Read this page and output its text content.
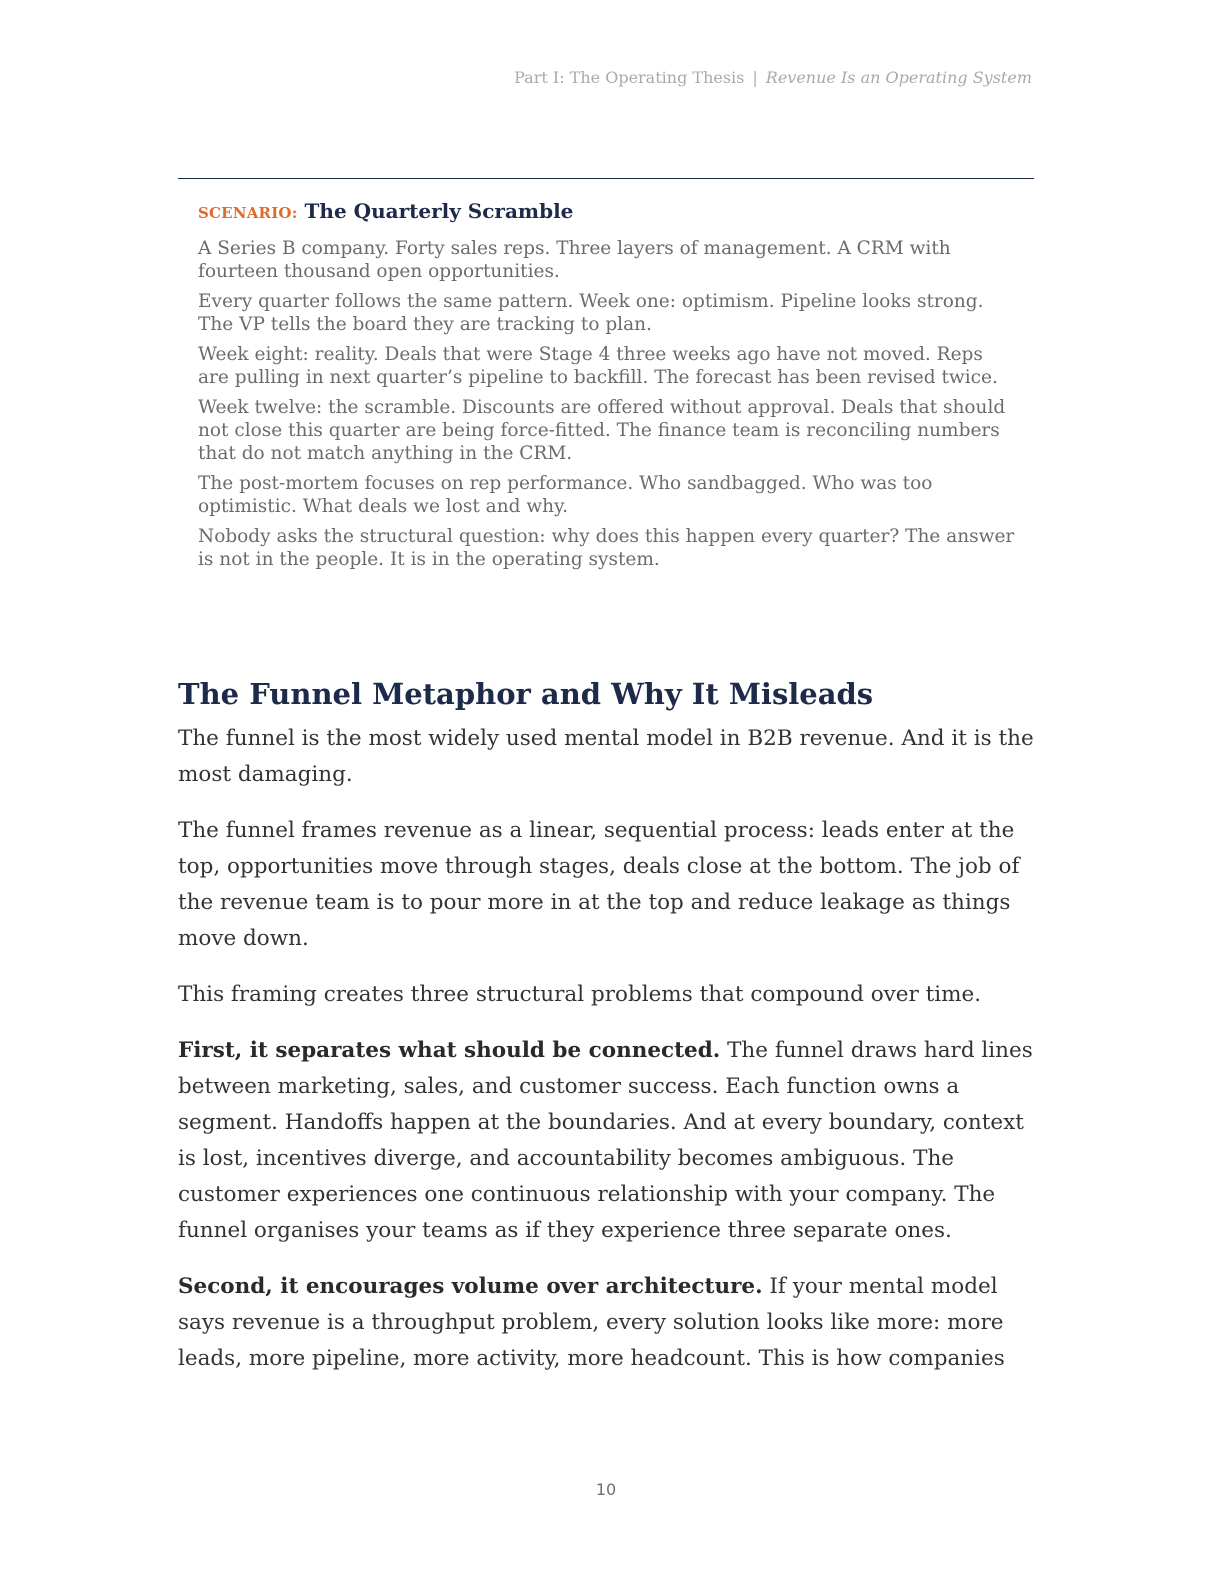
Part I: The Operating Thesis | Revenue Is an Operating System
SCENARIO: The Quarterly Scramble

A Series B company. Forty sales reps. Three layers of management. A CRM with fourteen thousand open opportunities.

Every quarter follows the same pattern. Week one: optimism. Pipeline looks strong. The VP tells the board they are tracking to plan.

Week eight: reality. Deals that were Stage 4 three weeks ago have not moved. Reps are pulling in next quarter’s pipeline to backfill. The forecast has been revised twice.

Week twelve: the scramble. Discounts are offered without approval. Deals that should not close this quarter are being force-fitted. The finance team is reconciling numbers that do not match anything in the CRM.

The post-mortem focuses on rep performance. Who sandbagged. Who was too optimistic. What deals we lost and why.

Nobody asks the structural question: why does this happen every quarter? The answer is not in the people. It is in the operating system.

The Funnel Metaphor and Why It Misleads

The funnel is the most widely used mental model in B2B revenue. And it is the most damaging.

The funnel frames revenue as a linear, sequential process: leads enter at the top, opportunities move through stages, deals close at the bottom. The job of the revenue team is to pour more in at the top and reduce leakage as things move down.

This framing creates three structural problems that compound over time.

First, it separates what should be connected. The funnel draws hard lines between marketing, sales, and customer success. Each function owns a segment. Handoffs happen at the boundaries. And at every boundary, context is lost, incentives diverge, and accountability becomes ambiguous. The customer experiences one continuous relationship with your company. The funnel organises your teams as if they experience three separate ones.

Second, it encourages volume over architecture. If your mental model says revenue is a throughput problem, every solution looks like more: more leads, more pipeline, more activity, more headcount. This is how companies

10
